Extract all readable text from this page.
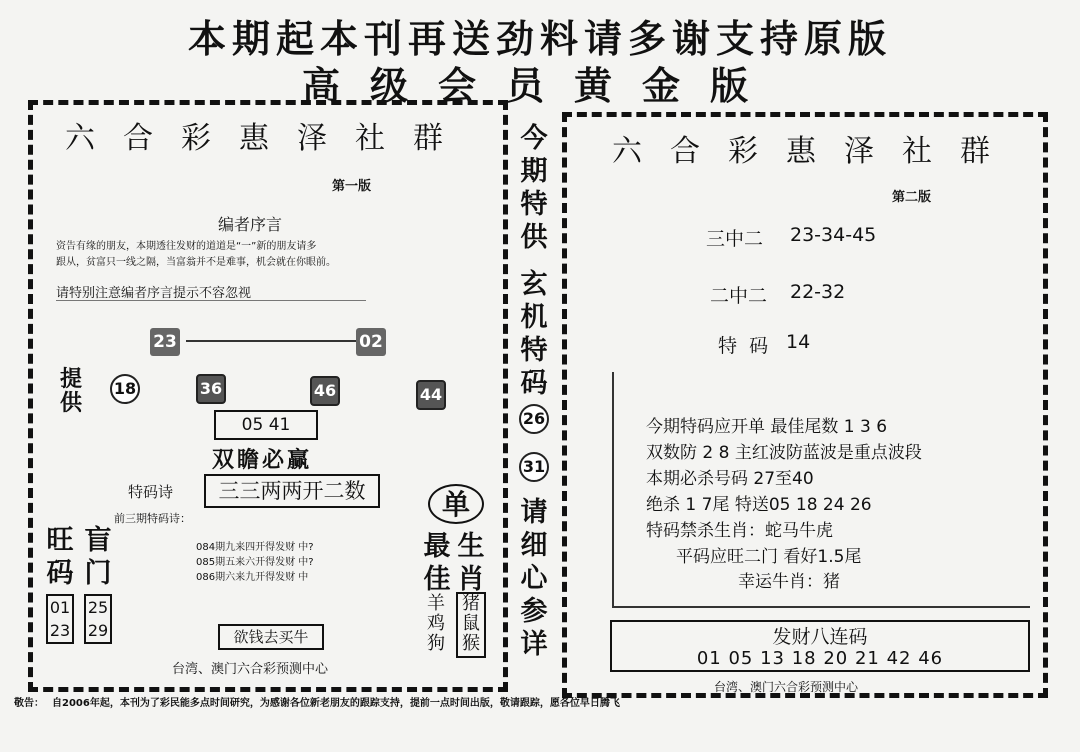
本期起本刊再送劲料请多谢支持原版
高级会员黄金版
六合彩惠泽社群
第一版
编者序言
资告有缘的朋友，本期透往发财的道道是“一”新的朋友请多
跟从，贫富只一线之隔，当富翁并不是难事，机会就在你眼前。
请特别注意编者序言提示不容忽视
23	02
提供
18	36	46	44
05 41
双瞻必赢
特码诗	三三两两开二数
前三期特码诗：
084期九来四开得发财 中?
085期五来六开得发财 中?
086期六来九开得发财 中
旺码
盲门
01
23
25
29
单
最佳
生肖
羊
鸡
狗
猪
鼠
猴
欲钱去买牛
台湾、澳门六合彩预测中心
今期特供
玄机特码
26
31
请细心参详
六合彩惠泽社群
第二版
三中二 23-34-45
二中二 22-32
特  码 14
今期特码应开单 最佳尾数 1 3 6
双数防 2 8 主红波防蓝波是重点波段
本期必杀号码 27至40
绝杀 1 7尾 特送05 18 24 26
特码禁杀生肖：蛇马牛虎
平码应旺二门 看好1.5尾
幸运牛肖：猪
发财八连码
01 05 13 18 20 21 42 46
台湾、澳门六合彩预测中心
敬告： 自2006年起，本刊为了彩民能多点时间研究，为感谢各位新老朋友的跟踪支持，提前一点时间出版，敬请跟踪，愿各位早日腾飞
